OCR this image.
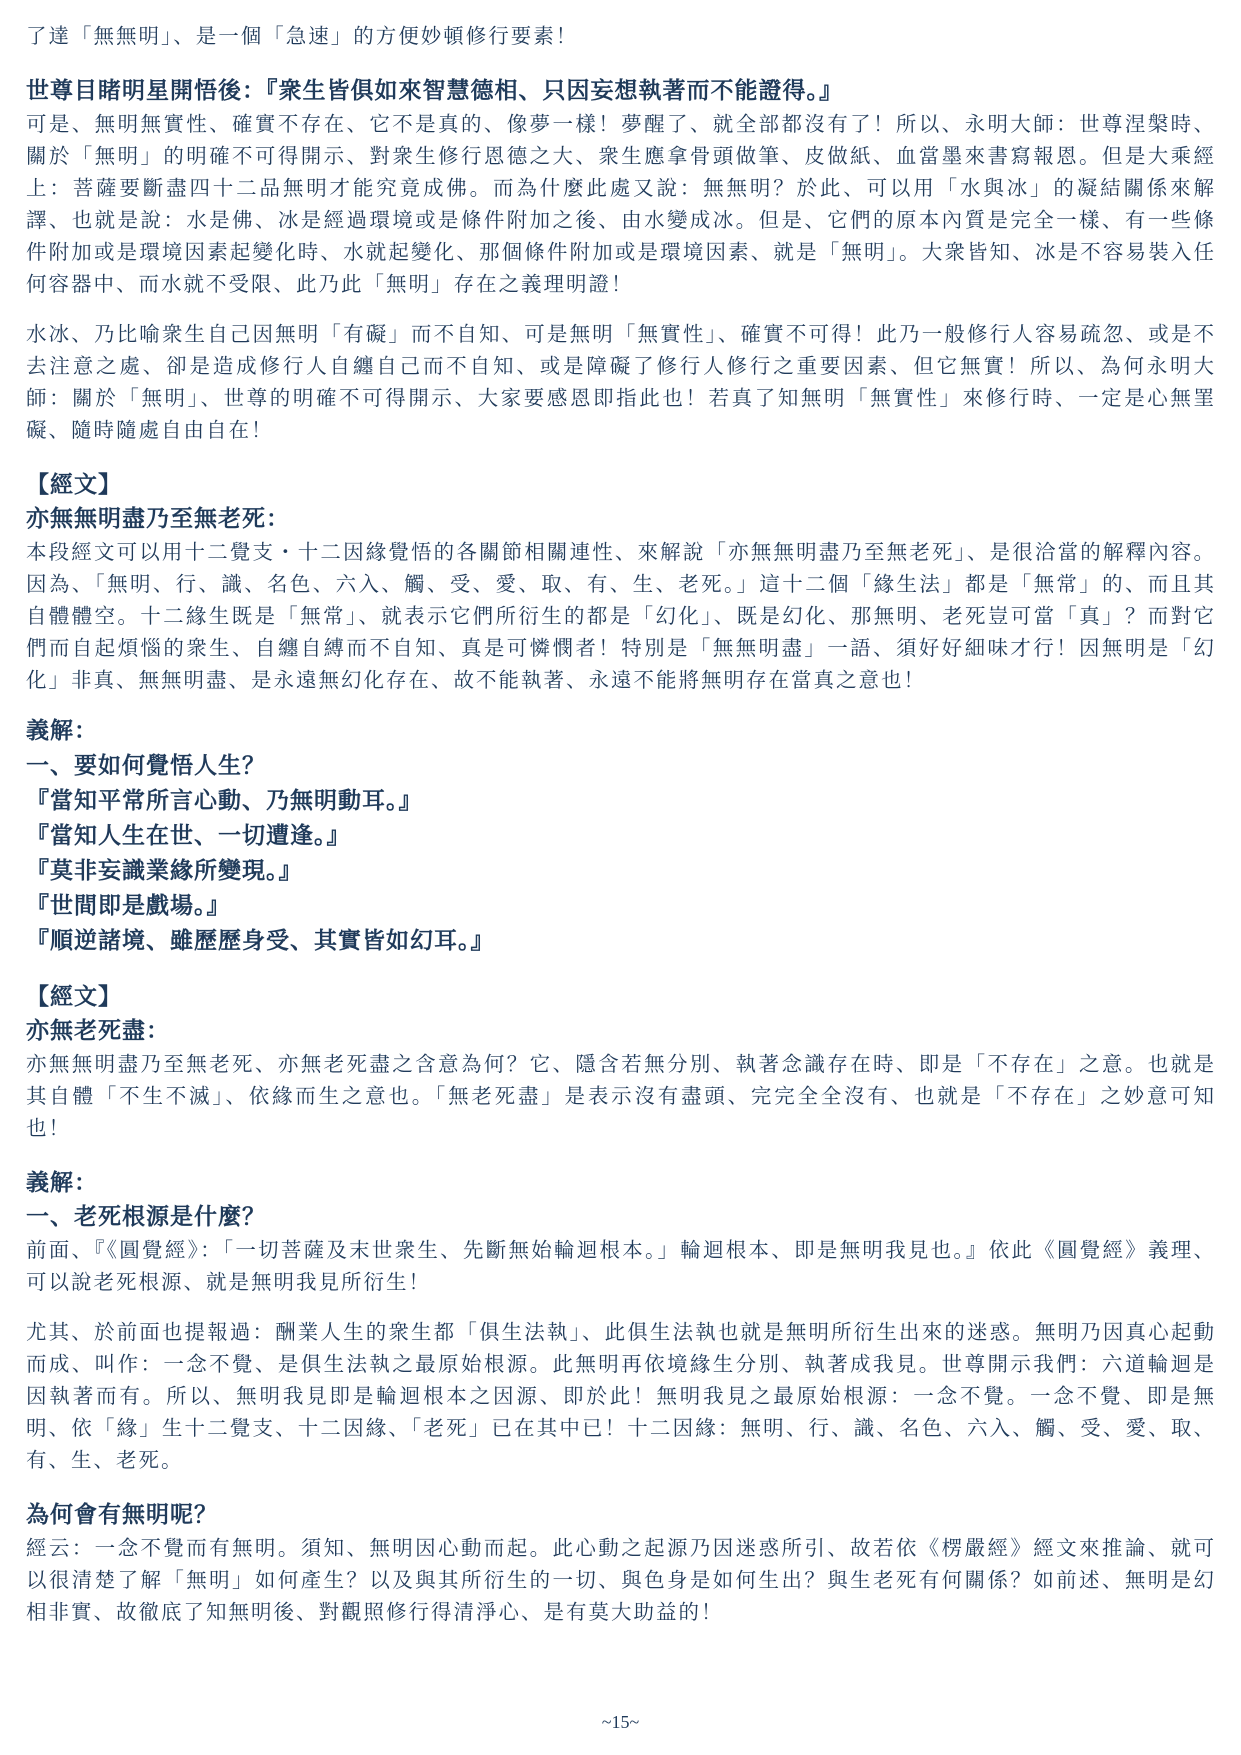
了達「無無明」、是一個「急速」的方便妙頓修行要素！

世尊目睹明星開悟後：『衆生皆俱如來智慧德相、只因妄想執著而不能證得。』

可是、無明無實性、確實不存在、它不是真的、像夢一樣！夢醒了、就全部都沒有了！所以、永明大師：世尊涅槃時、關於「無明」的明確不可得開示、對衆生修行恩德之大、衆生應拿骨頭做筆、皮做紙、血當墨來書寫報恩。但是大乘經上：菩薩要斷盡四十二品無明才能究竟成佛。而為什麼此處又說：無無明？於此、可以用「水與冰」的凝結關係來解譯、也就是說：水是佛、冰是經過環境或是條件附加之後、由水變成冰。但是、它們的原本內質是完全一樣、有一些條件附加或是環境因素起變化時、水就起變化、那個條件附加或是環境因素、就是「無明」。大衆皆知、冰是不容易裝入任何容器中、而水就不受限、此乃此「無明」存在之義理明證！

水冰、乃比喻衆生自己因無明「有礙」而不自知、可是無明「無實性」、確實不可得！此乃一般修行人容易疏忽、或是不去注意之處、卻是造成修行人自纏自己而不自知、或是障礙了修行人修行之重要因素、但它無實！所以、為何永明大師：關於「無明」、世尊的明確不可得開示、大家要感恩即指此也！若真了知無明「無實性」來修行時、一定是心無罣礙、隨時隨處自由自在！

【經文】
亦無無明盡乃至無老死：

本段經文可以用十二覺支・十二因緣覺悟的各關節相關連性、來解說「亦無無明盡乃至無老死」、是很洽當的解釋內容。因為、「無明、行、識、名色、六入、觸、受、愛、取、有、生、老死。」這十二個「緣生法」都是「無常」的、而且其自體體空。十二緣生既是「無常」、就表示它們所衍生的都是「幻化」、既是幻化、那無明、老死豈可當「真」？而對它們而自起煩惱的衆生、自纏自縛而不自知、真是可憐憫者！特別是「無無明盡」一語、須好好細味才行！因無明是「幻化」非真、無無明盡、是永遠無幻化存在、故不能執著、永遠不能將無明存在當真之意也！

義解：
一、要如何覺悟人生？
『當知平常所言心動、乃無明動耳。』
『當知人生在世、一切遭逢。』
『莫非妄識業緣所變現。』
『世間即是戲場。』
『順逆諸境、雖歷歷身受、其實皆如幻耳。』
【經文】
亦無老死盡：

亦無無明盡乃至無老死、亦無老死盡之含意為何？它、隱含若無分別、執著念識存在時、即是「不存在」之意。也就是其自體「不生不滅」、依緣而生之意也。「無老死盡」是表示沒有盡頭、完完全全沒有、也就是「不存在」之妙意可知也！

義解：
一、老死根源是什麼？

前面、『《圓覺經》：「一切菩薩及末世衆生、先斷無始輪迴根本。」輪迴根本、即是無明我見也。』依此《圓覺經》義理、可以說老死根源、就是無明我見所衍生！

尤其、於前面也提報過：酬業人生的衆生都「俱生法執」、此俱生法執也就是無明所衍生出來的迷惑。無明乃因真心起動而成、叫作：一念不覺、是俱生法執之最原始根源。此無明再依境緣生分別、執著成我見。世尊開示我們：六道輪迴是因執著而有。所以、無明我見即是輪迴根本之因源、即於此！無明我見之最原始根源：一念不覺。一念不覺、即是無明、依「緣」生十二覺支、十二因緣、「老死」已在其中已！十二因緣：無明、行、識、名色、六入、觸、受、愛、取、有、生、老死。

為何會有無明呢？

經云：一念不覺而有無明。須知、無明因心動而起。此心動之起源乃因迷惑所引、故若依《楞嚴經》經文來推論、就可以很清楚了解「無明」如何產生？以及與其所衍生的一切、與色身是如何生出？與生老死有何關係？如前述、無明是幻相非實、故徹底了知無明後、對觀照修行得清淨心、是有莫大助益的！

~15~
